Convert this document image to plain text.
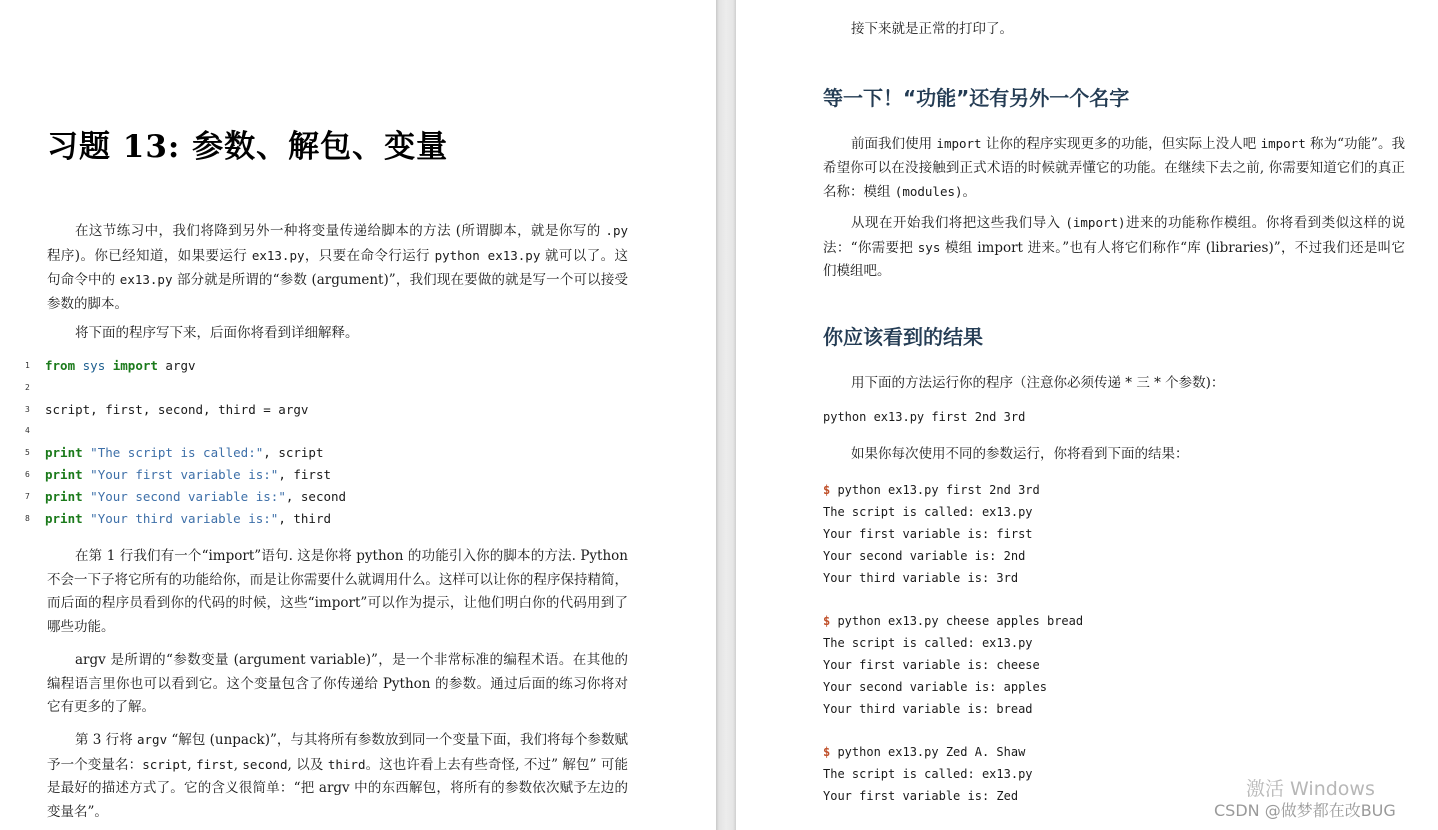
习题 13: 参数、解包、变量

在这节练习中，我们将降到另外一种将变量传递给脚本的方法 (所谓脚本，就是你写的 .py 程序)。你已经知道，如果要运行 ex13.py，只要在命令行运行 python ex13.py 就可以了。这句命令中的 ex13.py 部分就是所谓的“参数 (argument)”，我们现在要做的就是写一个可以接受参数的脚本。

将下面的程序写下来，后面你将看到详细解释。

1 from sys import argv
2
3 script, first, second, third = argv
4
5 print "The script is called:", script
6 print "Your first variable is:", first
7 print "Your second variable is:", second
8 print "Your third variable is:", third

在第 1 行我们有一个“import”语句. 这是你将 python 的功能引入你的脚本的方法. Python 不会一下子将它所有的功能给你，而是让你需要什么就调用什么。这样可以让你的程序保持精简，而后面的程序员看到你的代码的时候，这些“import”可以作为提示，让他们明白你的代码用到了哪些功能。

argv 是所谓的“参数变量 (argument variable)”，是一个非常标准的编程术语。在其他的编程语言里你也可以看到它。这个变量包含了你传递给 Python 的参数。通过后面的练习你将对它有更多的了解。

第 3 行将 argv “解包 (unpack)”，与其将所有参数放到同一个变量下面，我们将每个参数赋予一个变量名：script, first, second, 以及 third。这也许看上去有些奇怪, 不过” 解包” 可能是最好的描述方式了。它的含义很简单：“把 argv 中的东西解包，将所有的参数依次赋予左边的变量名”。

接下来就是正常的打印了。

等一下！“功能”还有另外一个名字

前面我们使用 import 让你的程序实现更多的功能，但实际上没人吧 import 称为“功能”。我希望你可以在没接触到正式术语的时候就弄懂它的功能。在继续下去之前, 你需要知道它们的真正名称：模组 (modules)。

从现在开始我们将把这些我们导入 (import)进来的功能称作模组。你将看到类似这样的说法：“你需要把 sys 模组 import 进来。”也有人将它们称作“库 (libraries)”，不过我们还是叫它们模组吧。

你应该看到的结果

用下面的方法运行你的程序（注意你必须传递 * 三 * 个参数)：

python ex13.py first 2nd 3rd

如果你每次使用不同的参数运行，你将看到下面的结果：

$ python ex13.py first 2nd 3rd
The script is called: ex13.py
Your first variable is: first
Your second variable is: 2nd
Your third variable is: 3rd
$ python ex13.py cheese apples bread
The script is called: ex13.py
Your first variable is: cheese
Your second variable is: apples
Your third variable is: bread
$ python ex13.py Zed A. Shaw
The script is called: ex13.py
Your first variable is: Zed	激活 Windows
CSDN @做梦都在改BUG
